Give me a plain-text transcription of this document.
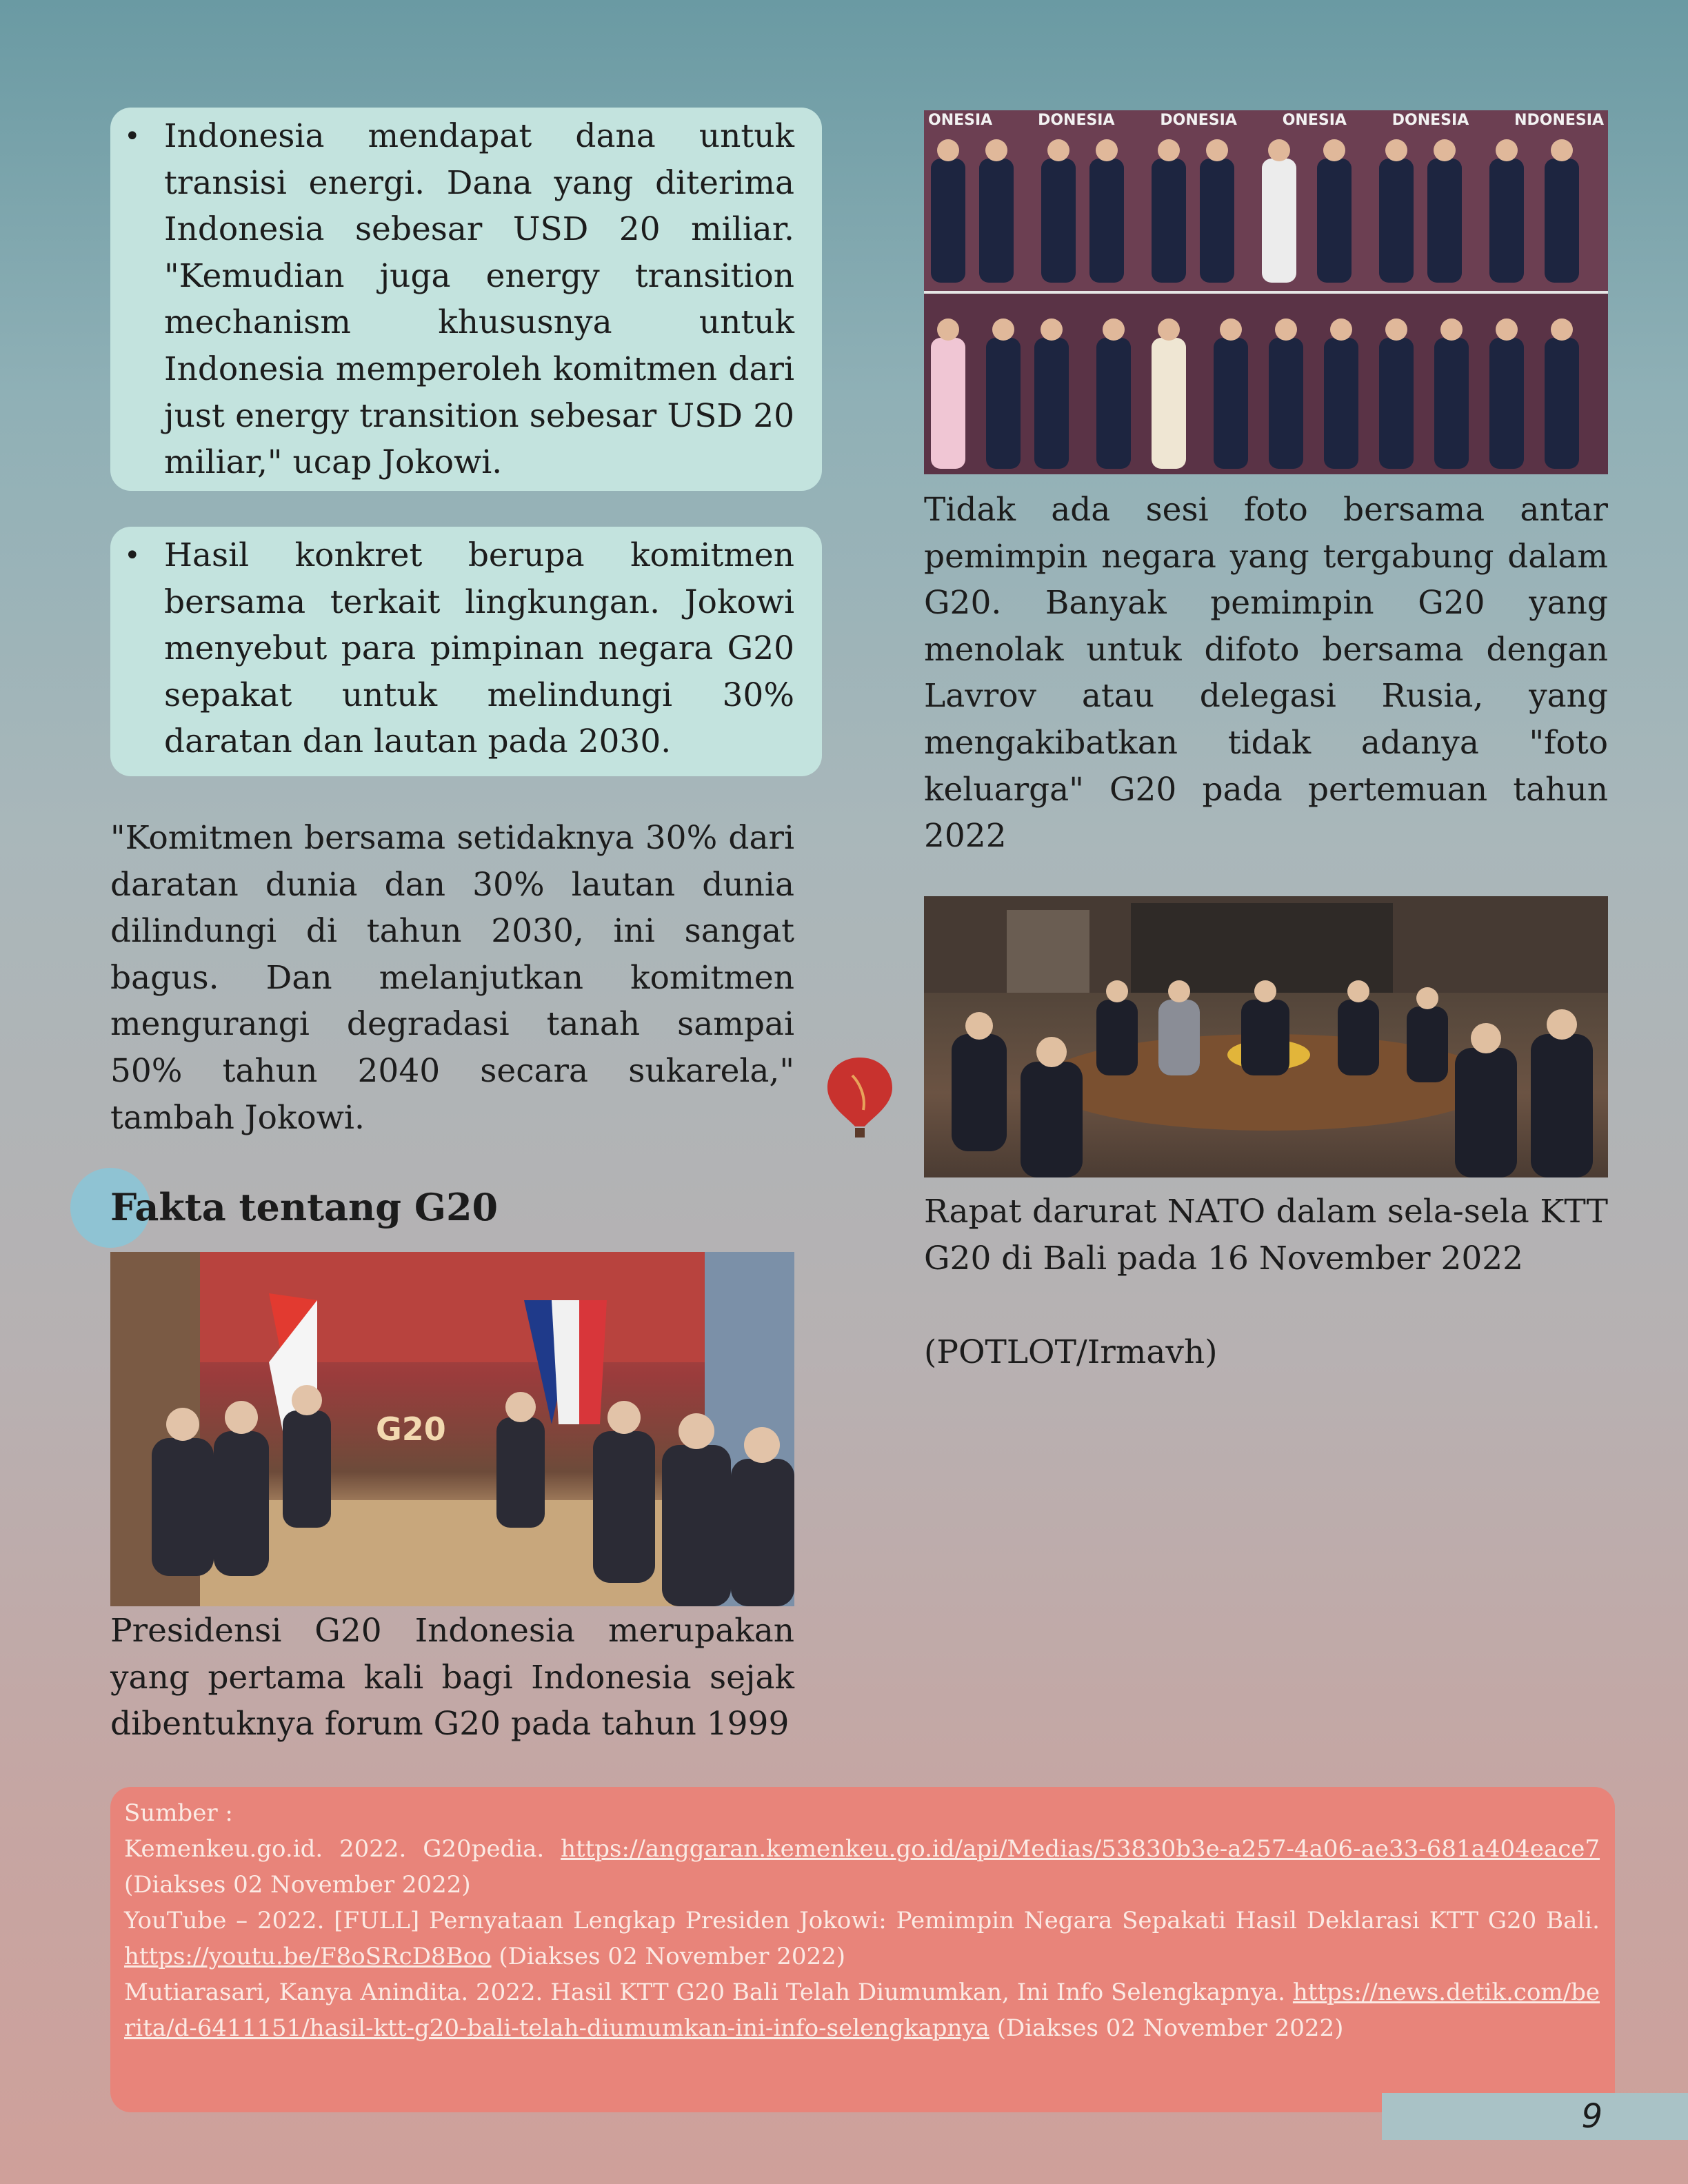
• Indonesia mendapat dana untuk transisi energi. Dana yang diterima Indonesia sebesar USD 20 miliar. "Kemudian juga energy transition mechanism khususnya untuk Indonesia memperoleh komitmen dari just energy transition sebesar USD 20 miliar," ucap Jokowi.

• Hasil konkret berupa komitmen bersama terkait lingkungan. Jokowi menyebut para pimpinan negara G20 sepakat untuk melindungi 30% daratan dan lautan pada 2030.

"Komitmen bersama setidaknya 30% dari daratan dunia dan 30% lautan dunia dilindungi di tahun 2030, ini sangat bagus. Dan melanjutkan komitmen mengurangi degradasi tanah sampai 50% tahun 2040 secara sukarela," tambah Jokowi.

Fakta tentang G20
G20

Presidensi G20 Indonesia merupakan yang pertama kali bagi Indonesia sejak dibentuknya forum G20 pada tahun 1999

ONESIA	DONESIA	DONESIA	ONESIA	DONESIA	NDONESIA

Tidak ada sesi foto bersama antar pemimpin negara yang tergabung dalam G20. Banyak pemimpin G20 yang menolak untuk difoto bersama dengan Lavrov atau delegasi Rusia, yang mengakibatkan tidak adanya "foto keluarga" G20 pada pertemuan tahun 2022

Rapat darurat NATO dalam sela-sela KTT G20 di Bali pada 16 November 2022

(POTLOT/Irmavh)

Sumber :

Kemenkeu.go.id. 2022. G20pedia. https://anggaran.kemenkeu.go.id/api/Medias/53830b3e-a257-4a06-ae33-681a404eace7 (Diakses 02 November 2022)

YouTube – 2022. [FULL] Pernyataan Lengkap Presiden Jokowi: Pemimpin Negara Sepakati Hasil Deklarasi KTT G20 Bali. https://youtu.be/F8oSRcD8Boo (Diakses 02 November 2022)

Mutiarasari, Kanya Anindita. 2022. Hasil KTT G20 Bali Telah Diumumkan, Ini Info Selengkapnya. https://news.detik.com/berita/d-6411151/hasil-ktt-g20-bali-telah-diumumkan-ini-info-selengkapnya (Diakses 02 November 2022)

9
